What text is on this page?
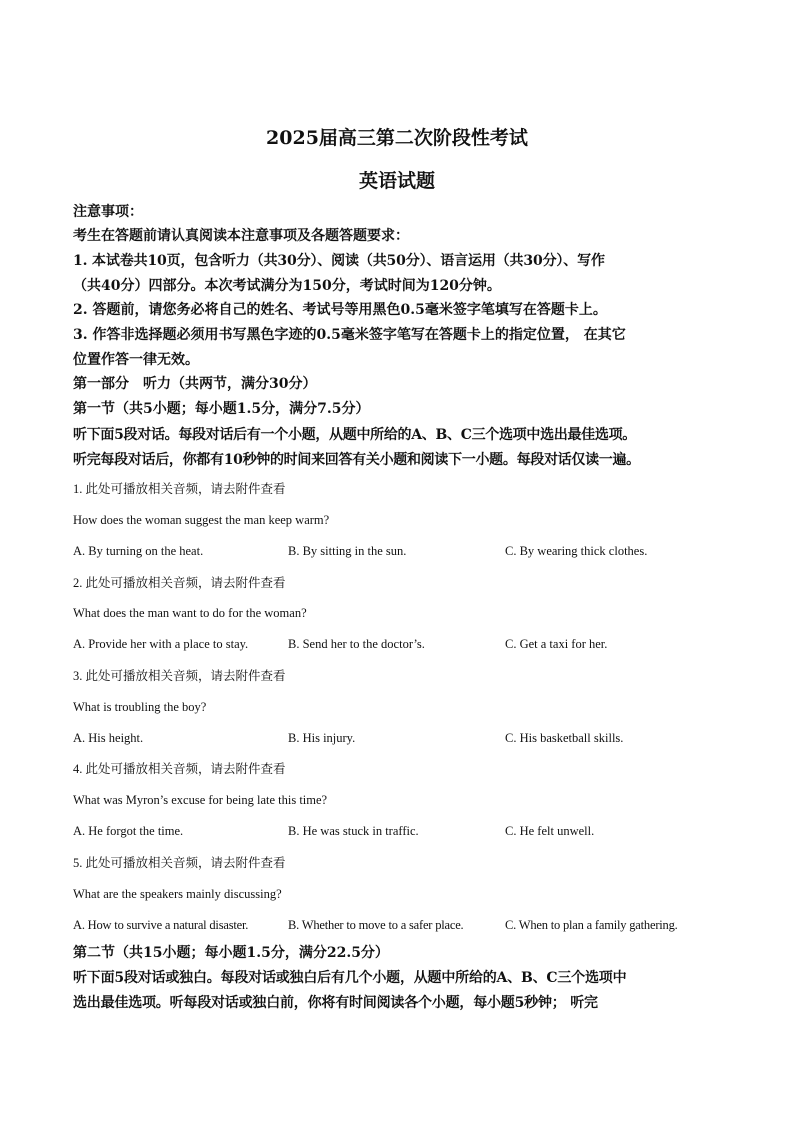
2025届高三第二次阶段性考试
英语试题
注意事项：
考生在答题前请认真阅读本注意事项及各题答题要求：
1. 本试卷共10页，包含听力（共30分）、阅读（共50分）、语言运用（共30分）、写作
（共40分）四部分。本次考试满分为150分，考试时间为120分钟。
2. 答题前，请您务必将自己的姓名、考试号等用黑色0.5毫米签字笔填写在答题卡上。
3. 作答非选择题必须用书写黑色字迹的0.5毫米签字笔写在答题卡上的指定位置， 在其它
位置作答一律无效。
第一部分　听力（共两节，满分30分）
第一节（共5小题；每小题1.5分，满分7.5分）
听下面5段对话。每段对话后有一个小题，从题中所给的A、B、C三个选项中选出最佳选项。
听完每段对话后，你都有10秒钟的时间来回答有关小题和阅读下一小题。每段对话仅读一遍。
1. 此处可播放相关音频，请去附件查看
How does the woman suggest the man keep warm?
A. By turning on the heat.	B. By sitting in the sun.	C. By wearing thick clothes.
2. 此处可播放相关音频，请去附件查看
What does the man want to do for the woman?
A. Provide her with a place to stay.	B. Send her to the doctor’s.	C. Get a taxi for her.
3. 此处可播放相关音频，请去附件查看
What is troubling the boy?
A. His height.	B. His injury.	C. His basketball skills.
4. 此处可播放相关音频，请去附件查看
What was Myron’s excuse for being late this time?
A. He forgot the time.	B. He was stuck in traffic.	C. He felt unwell.
5. 此处可播放相关音频，请去附件查看
What are the speakers mainly discussing?
A. How to survive a natural disaster.	B. Whether to move to a safer place.	C. When to plan a family gathering.
第二节（共15小题；每小题1.5分，满分22.5分）
听下面5段对话或独白。每段对话或独白后有几个小题，从题中所给的A、B、C三个选项中
选出最佳选项。听每段对话或独白前，你将有时间阅读各个小题，每小题5秒钟； 听完
